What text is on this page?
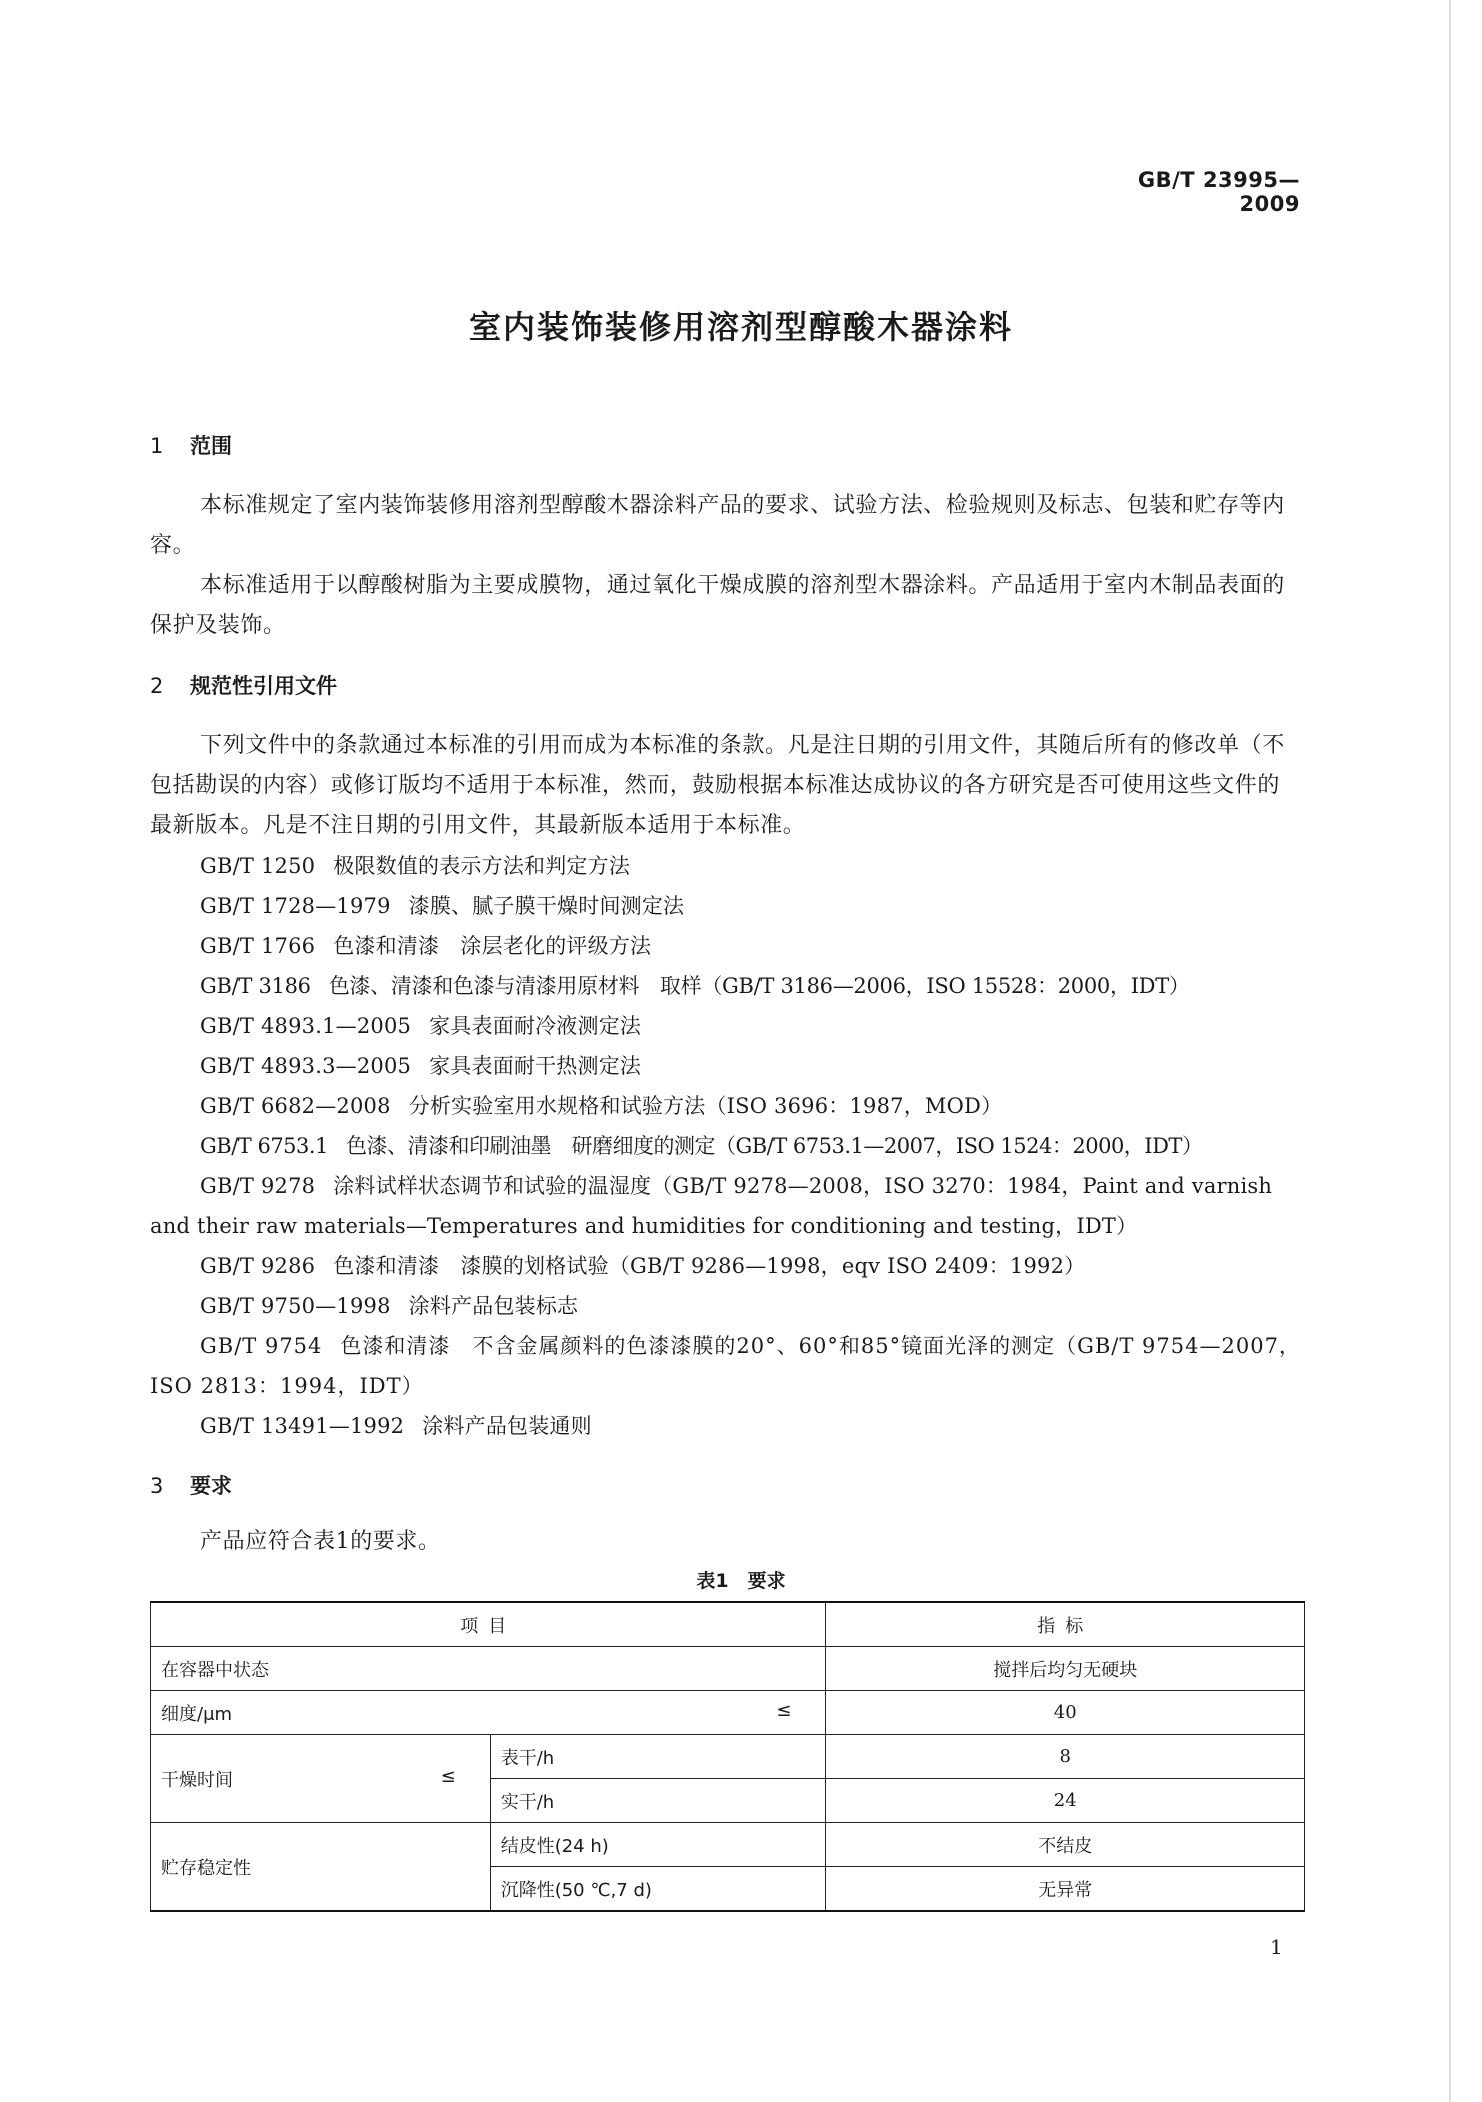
GB/T 23995—2009
室内装饰装修用溶剂型醇酸木器涂料
1 范围

本标准规定了室内装饰装修用溶剂型醇酸木器涂料产品的要求、试验方法、检验规则及标志、包装和贮存等内容。

本标准适用于以醇酸树脂为主要成膜物，通过氧化干燥成膜的溶剂型木器涂料。产品适用于室内木制品表面的保护及装饰。

2 规范性引用文件

下列文件中的条款通过本标准的引用而成为本标准的条款。凡是注日期的引用文件，其随后所有的修改单（不包括勘误的内容）或修订版均不适用于本标准，然而，鼓励根据本标准达成协议的各方研究是否可使用这些文件的最新版本。凡是不注日期的引用文件，其最新版本适用于本标准。

GB/T 1250 极限数值的表示方法和判定方法
GB/T 1728—1979 漆膜、腻子膜干燥时间测定法
GB/T 1766 色漆和清漆　涂层老化的评级方法
GB/T 3186 色漆、清漆和色漆与清漆用原材料　取样（GB/T 3186—2006，ISO 15528：2000，IDT）
GB/T 4893.1—2005 家具表面耐冷液测定法
GB/T 4893.3—2005 家具表面耐干热测定法
GB/T 6682—2008 分析实验室用水规格和试验方法（ISO 3696：1987，MOD）
GB/T 6753.1 色漆、清漆和印刷油墨　研磨细度的测定（GB/T 6753.1—2007，ISO 1524：2000，IDT）
GB/T 9278 涂料试样状态调节和试验的温湿度（GB/T 9278—2008，ISO 3270：1984，Paint and varnish and their raw materials—Temperatures and humidities for conditioning and testing，IDT）
GB/T 9286 色漆和清漆　漆膜的划格试验（GB/T 9286—1998，eqv ISO 2409：1992）
GB/T 9750—1998 涂料产品包装标志
GB/T 9754 色漆和清漆　不含金属颜料的色漆漆膜的20°、60°和85°镜面光泽的测定（GB/T 9754—2007，ISO 2813：1994，IDT）
GB/T 13491—1992 涂料产品包装通则
3 要求

产品应符合表1的要求。

表1　要求
项目		指标
在容器中状态		搅拌后均匀无硬块
细度/μm ≤		40
干燥时间 ≤	表干/h	8
	实干/h	24
贮存稳定性	结皮性(24 h)	不结皮
	沉降性(50 ℃,7 d)	无异常
1
